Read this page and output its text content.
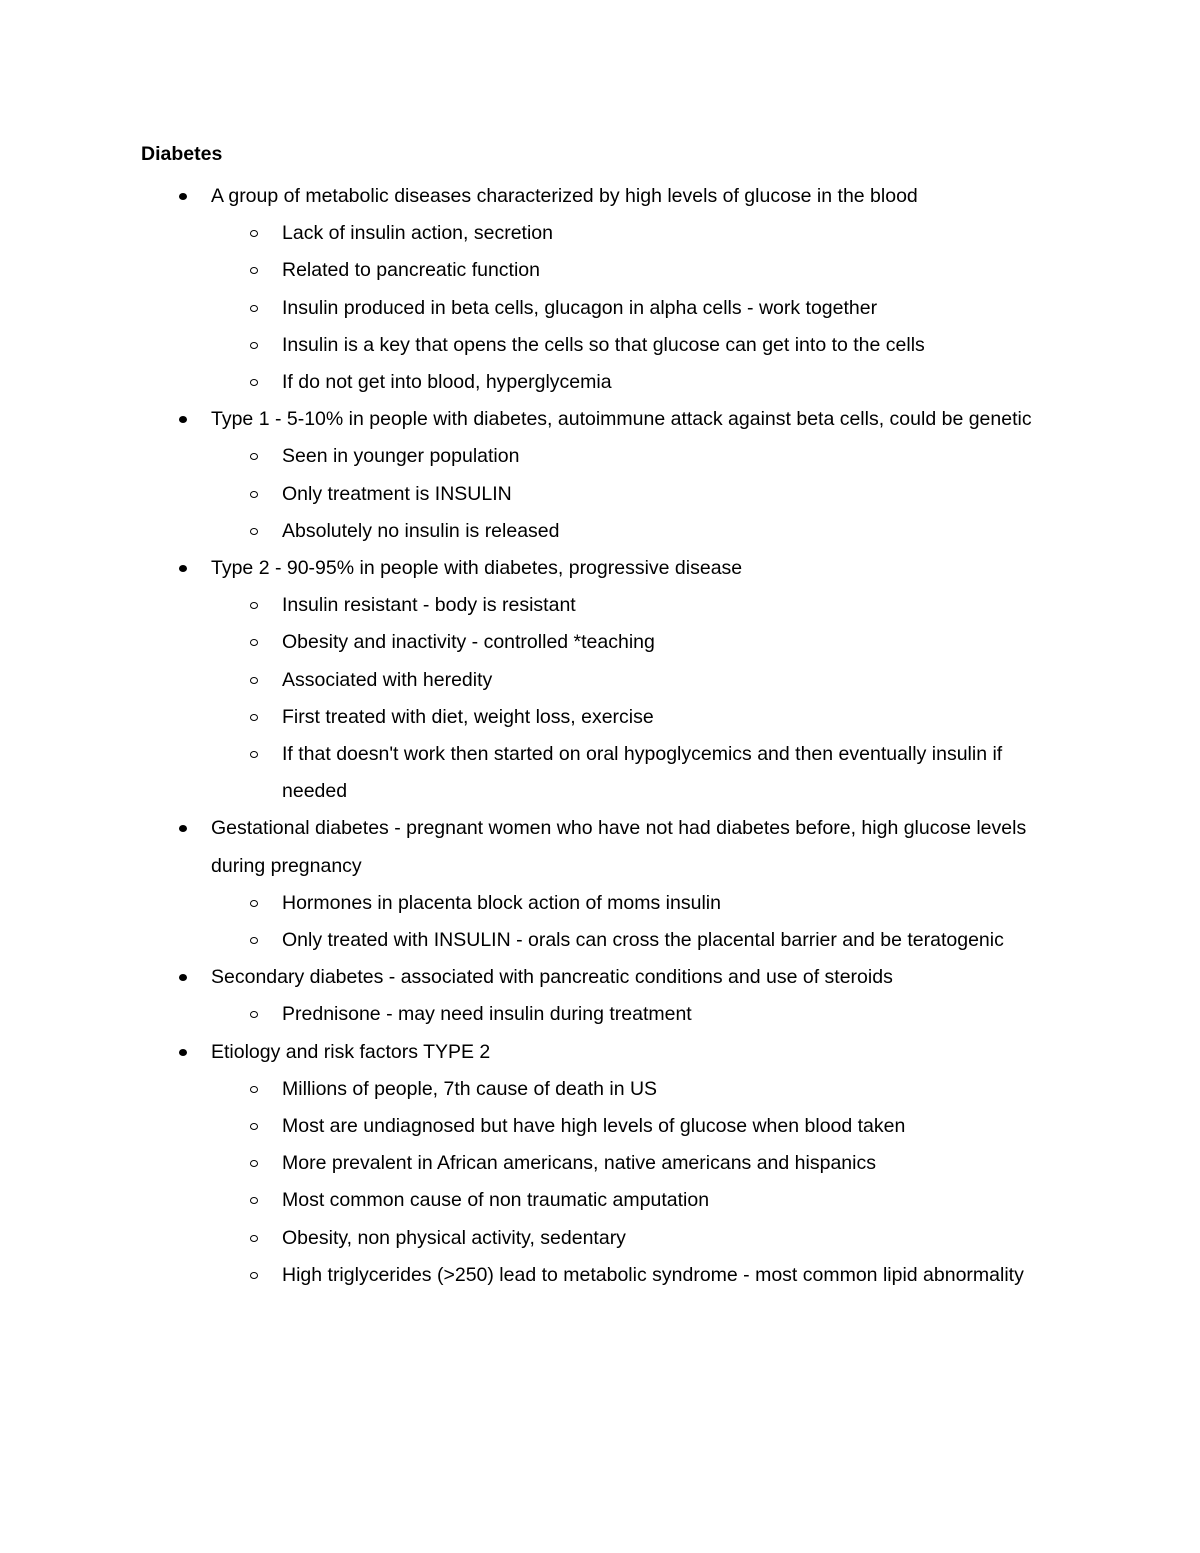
Diabetes
A group of metabolic diseases characterized by high levels of glucose in the blood
Lack of insulin action, secretion
Related to pancreatic function
Insulin produced in beta cells, glucagon in alpha cells - work together
Insulin is a key that opens the cells so that glucose can get into to the cells
If do not get into blood, hyperglycemia
Type 1 - 5-10% in people with diabetes, autoimmune attack against beta cells, could be genetic
Seen in younger population
Only treatment is INSULIN
Absolutely no insulin is released
Type 2 - 90-95% in people with diabetes, progressive disease
Insulin resistant - body is resistant
Obesity and inactivity - controlled *teaching
Associated with heredity
First treated with diet, weight loss, exercise
If that doesn't work then started on oral hypoglycemics and then eventually insulin if needed
Gestational diabetes - pregnant women who have not had diabetes before, high glucose levels during pregnancy
Hormones in placenta block action of moms insulin
Only treated with INSULIN - orals can cross the placental barrier and be teratogenic
Secondary diabetes - associated with pancreatic conditions and use of steroids
Prednisone - may need insulin during treatment
Etiology and risk factors TYPE 2
Millions of people, 7th cause of death in US
Most are undiagnosed but have high levels of glucose when blood taken
More prevalent in African americans, native americans and hispanics
Most common cause of non traumatic amputation
Obesity, non physical activity, sedentary
High triglycerides (>250) lead to metabolic syndrome - most common lipid abnormality
